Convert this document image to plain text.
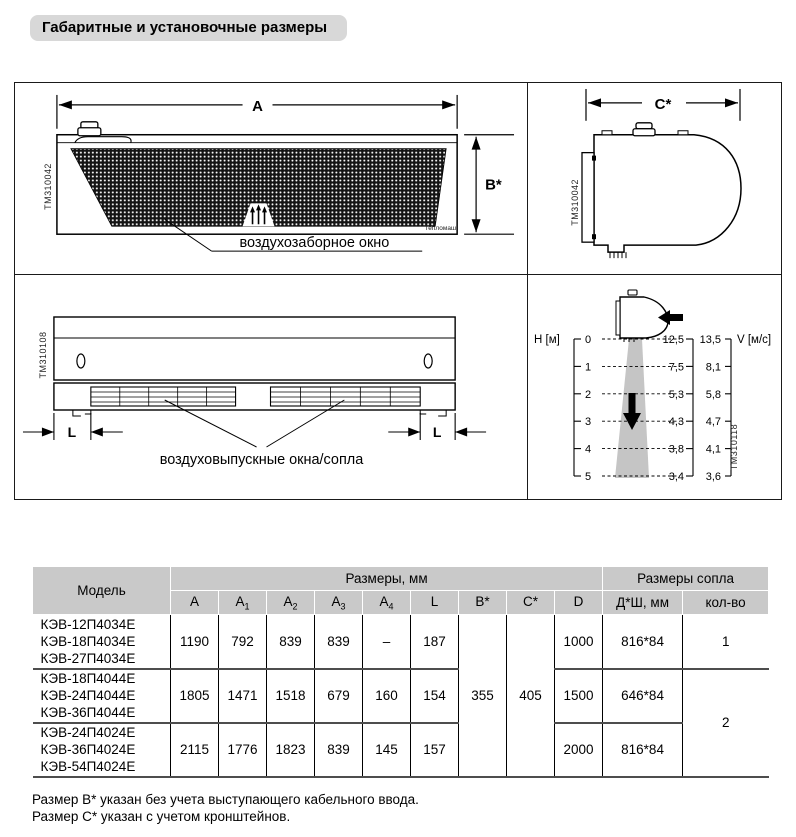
Габаритные и установочные размеры
A
Тепломаш
B*
воздухозаборное окно
ТМ310042
C*
ТМ310042
L	L
воздуховыпускные окна/сопла
ТМ310108	H [м]	V [м/с]
0
1
2
3
4
5
12,5
7,5
5,3
4,3
3,8
3,4
13,5
8,1
5,8
4,7
4,1
3,6
ТМ310118
Модель	Размеры, мм									Размеры сопла	
	A	$A_1$	$A_2$	$A_3$	$A_4$	L	B*	C*	D	Д*Ш, мм	кол-во

КЭВ-12П4034Е
КЭВ-18П4034Е
КЭВ-27П4034Е	1190	792	839	839	–	187	355	405	1000	816*84	1

КЭВ-18П4044Е
КЭВ-24П4044Е
КЭВ-36П4044Е	1805	1471	1518	679	160	154			1500	646*84	2

КЭВ-24П4024Е
КЭВ-36П4024Е
КЭВ-54П4024Е	2115	1776	1823	839	145	157			2000	816*84	
Размер B* указан без учета выступающего кабельного ввода.
Размер C* указан с учетом кронштейнов.
